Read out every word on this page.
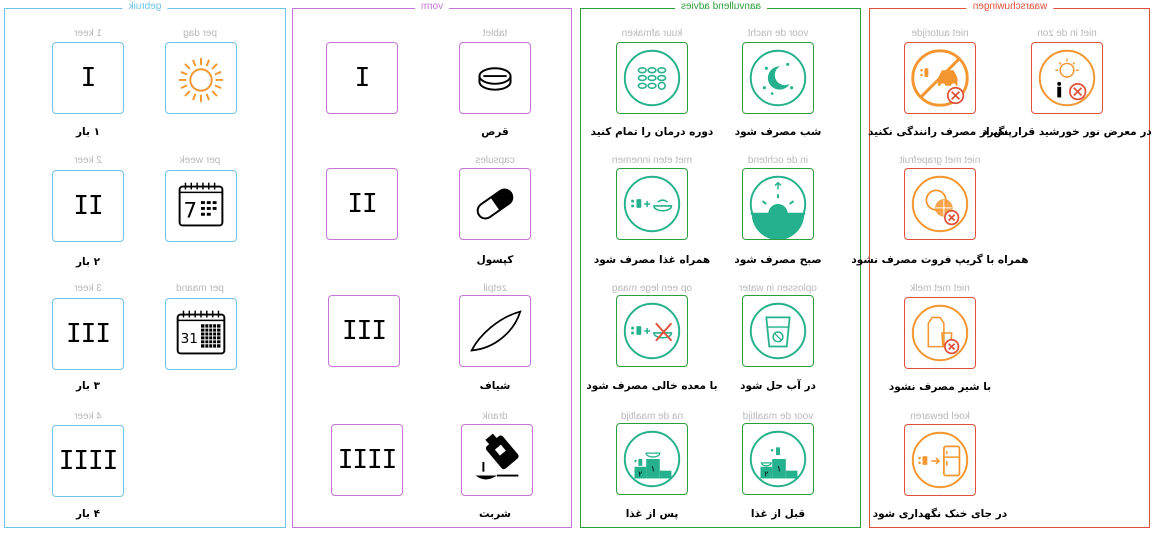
gebruik
per dag
1 keer
I
۱ بار
per week
7
2 keer
II
۲ بار
per maand
31
3 keer
III
۳ بار
4 keer
IIII
۴ بار
vorm
tablet
I
قرص
capsules
II
کپسول
zetpil
III
شیاف
drank
IIII
شربت
aanvullend advies
voor de nacht
kuur afmaken
شب مصرف شود
دوره درمان را تمام کنید
in de ochtend
met eten innemen
صبح مصرف شود
همراه غذا مصرف شود
oplossen in water
op een lege maag
در آب حل شود
با معده خالی مصرف شود
voor de maaltijd
۱
۲
na de maaltijd
۱
۲
قبل از غذا
پس از غذا
waarschuwingen
niet in de zon
niet autorijde
در معرض نور خورشید قرار نگیرد
پس از مصرف رانندگی نکنید
niet met grapefruit
همراه با گریپ فروت مصرف نشود
niet met melk
با شیر مصرف نشود
koel bewaren
در جای خنک نگهداری شود
